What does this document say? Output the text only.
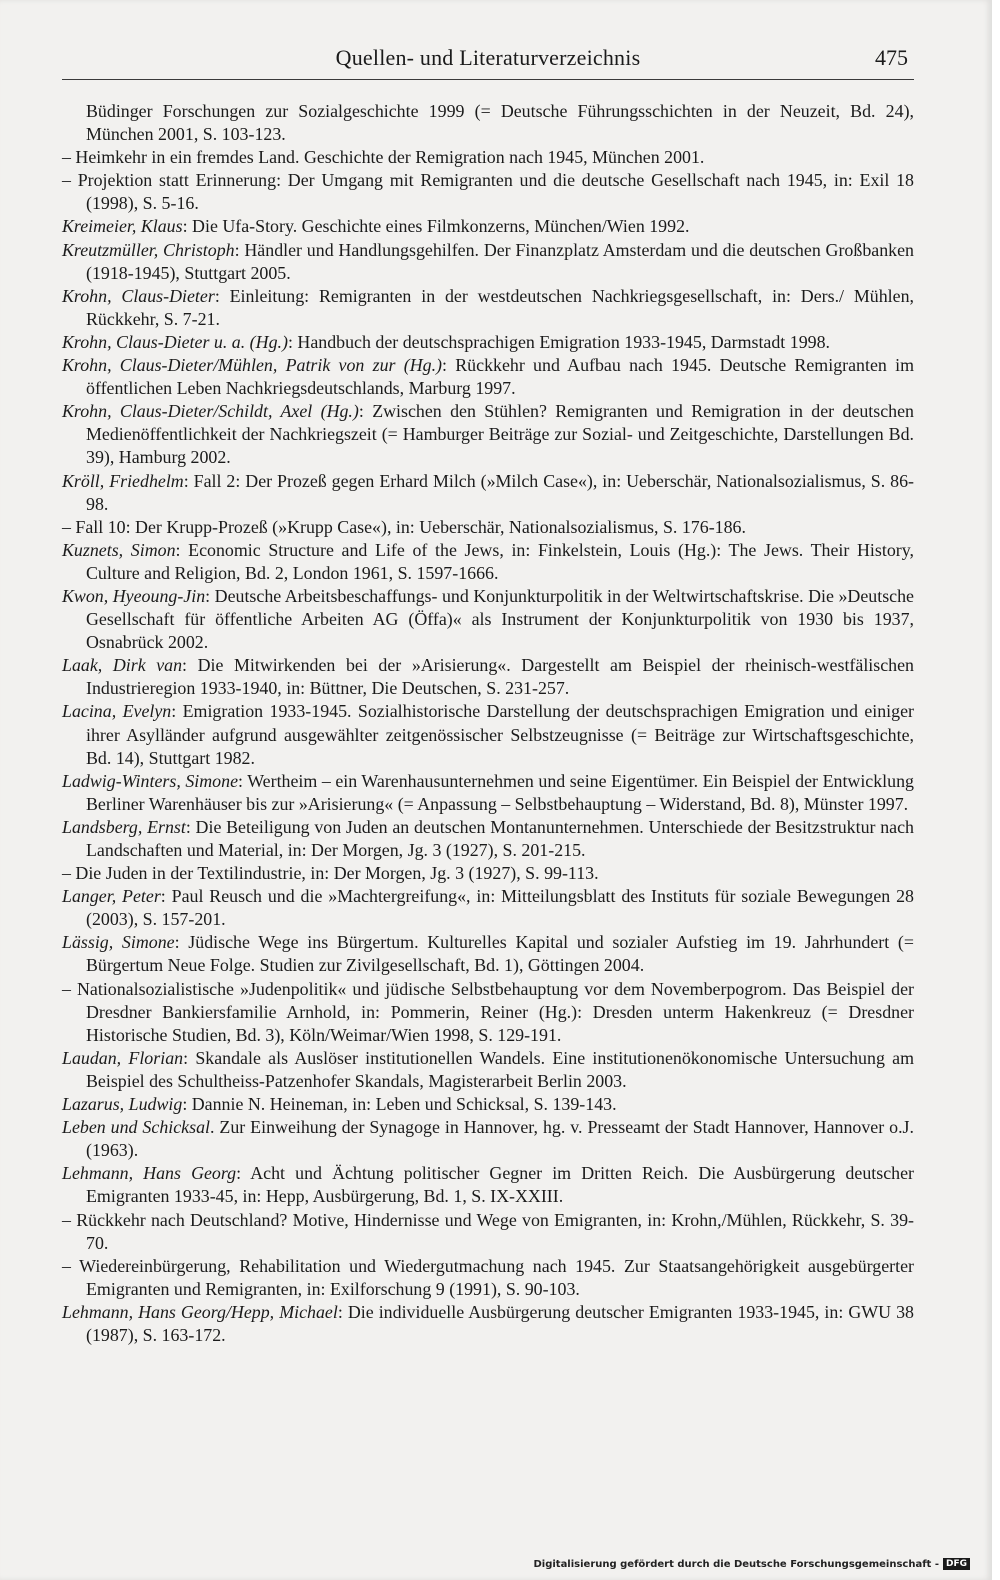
Quellen- und Literaturverzeichnis	475

Büdinger Forschungen zur Sozialgeschichte 1999 (= Deutsche Führungsschichten in der Neuzeit, Bd. 24), München 2001, S. 103-123.

– Heimkehr in ein fremdes Land. Geschichte der Remigration nach 1945, München 2001.

– Projektion statt Erinnerung: Der Umgang mit Remigranten und die deutsche Gesellschaft nach 1945, in: Exil 18 (1998), S. 5-16.

Kreimeier, Klaus: Die Ufa-Story. Geschichte eines Filmkonzerns, München/Wien 1992.

Kreutzmüller, Christoph: Händler und Handlungsgehilfen. Der Finanzplatz Amsterdam und die deutschen Großbanken (1918-1945), Stuttgart 2005.

Krohn, Claus-Dieter: Einleitung: Remigranten in der westdeutschen Nachkriegsgesellschaft, in: Ders./ Mühlen, Rückkehr, S. 7-21.

Krohn, Claus-Dieter u. a. (Hg.): Handbuch der deutschsprachigen Emigration 1933-1945, Darmstadt 1998.

Krohn, Claus-Dieter/Mühlen, Patrik von zur (Hg.): Rückkehr und Aufbau nach 1945. Deutsche Remigranten im öffentlichen Leben Nachkriegsdeutschlands, Marburg 1997.

Krohn, Claus-Dieter/Schildt, Axel (Hg.): Zwischen den Stühlen? Remigranten und Remigration in der deutschen Medienöffentlichkeit der Nachkriegszeit (= Hamburger Beiträge zur Sozial- und Zeitgeschichte, Darstellungen Bd. 39), Hamburg 2002.

Kröll, Friedhelm: Fall 2: Der Prozeß gegen Erhard Milch (»Milch Case«), in: Ueberschär, Nationalsozialismus, S. 86-98.

– Fall 10: Der Krupp-Prozeß (»Krupp Case«), in: Ueberschär, Nationalsozialismus, S. 176-186.

Kuznets, Simon: Economic Structure and Life of the Jews, in: Finkelstein, Louis (Hg.): The Jews. Their History, Culture and Religion, Bd. 2, London 1961, S. 1597-1666.

Kwon, Hyeoung-Jin: Deutsche Arbeitsbeschaffungs- und Konjunkturpolitik in der Weltwirtschaftskrise. Die »Deutsche Gesellschaft für öffentliche Arbeiten AG (Öffa)« als Instrument der Konjunkturpolitik von 1930 bis 1937, Osnabrück 2002.

Laak, Dirk van: Die Mitwirkenden bei der »Arisierung«. Dargestellt am Beispiel der rheinisch-westfälischen Industrieregion 1933-1940, in: Büttner, Die Deutschen, S. 231-257.

Lacina, Evelyn: Emigration 1933-1945. Sozialhistorische Darstellung der deutschsprachigen Emigration und einiger ihrer Asylländer aufgrund ausgewählter zeitgenössischer Selbstzeugnisse (= Beiträge zur Wirtschaftsgeschichte, Bd. 14), Stuttgart 1982.

Ladwig-Winters, Simone: Wertheim – ein Warenhausunternehmen und seine Eigentümer. Ein Beispiel der Entwicklung Berliner Warenhäuser bis zur »Arisierung« (= Anpassung – Selbstbehauptung – Widerstand, Bd. 8), Münster 1997.

Landsberg, Ernst: Die Beteiligung von Juden an deutschen Montanunternehmen. Unterschiede der Besitzstruktur nach Landschaften und Material, in: Der Morgen, Jg. 3 (1927), S. 201-215.

– Die Juden in der Textilindustrie, in: Der Morgen, Jg. 3 (1927), S. 99-113.

Langer, Peter: Paul Reusch und die »Machtergreifung«, in: Mitteilungsblatt des Instituts für soziale Bewegungen 28 (2003), S. 157-201.

Lässig, Simone: Jüdische Wege ins Bürgertum. Kulturelles Kapital und sozialer Aufstieg im 19. Jahrhundert (= Bürgertum Neue Folge. Studien zur Zivilgesellschaft, Bd. 1), Göttingen 2004.

– Nationalsozialistische »Judenpolitik« und jüdische Selbstbehauptung vor dem Novemberpogrom. Das Beispiel der Dresdner Bankiersfamilie Arnhold, in: Pommerin, Reiner (Hg.): Dresden unterm Hakenkreuz (= Dresdner Historische Studien, Bd. 3), Köln/Weimar/Wien 1998, S. 129-191.

Laudan, Florian: Skandale als Auslöser institutionellen Wandels. Eine institutionenökonomische Untersuchung am Beispiel des Schultheiss-Patzenhofer Skandals, Magisterarbeit Berlin 2003.

Lazarus, Ludwig: Dannie N. Heineman, in: Leben und Schicksal, S. 139-143.

Leben und Schicksal. Zur Einweihung der Synagoge in Hannover, hg. v. Presseamt der Stadt Hannover, Hannover o.J. (1963).

Lehmann, Hans Georg: Acht und Ächtung politischer Gegner im Dritten Reich. Die Ausbürgerung deutscher Emigranten 1933-45, in: Hepp, Ausbürgerung, Bd. 1, S. IX-XXIII.

– Rückkehr nach Deutschland? Motive, Hindernisse und Wege von Emigranten, in: Krohn,/Mühlen, Rückkehr, S. 39-70.

– Wiedereinbürgerung, Rehabilitation und Wiedergutmachung nach 1945. Zur Staatsangehörigkeit ausgebürgerter Emigranten und Remigranten, in: Exilforschung 9 (1991), S. 90-103.

Lehmann, Hans Georg/Hepp, Michael: Die individuelle Ausbürgerung deutscher Emigranten 1933-1945, in: GWU 38 (1987), S. 163-172.

Digitalisierung gefördert durch die Deutsche Forschungsgemeinschaft - DFG
